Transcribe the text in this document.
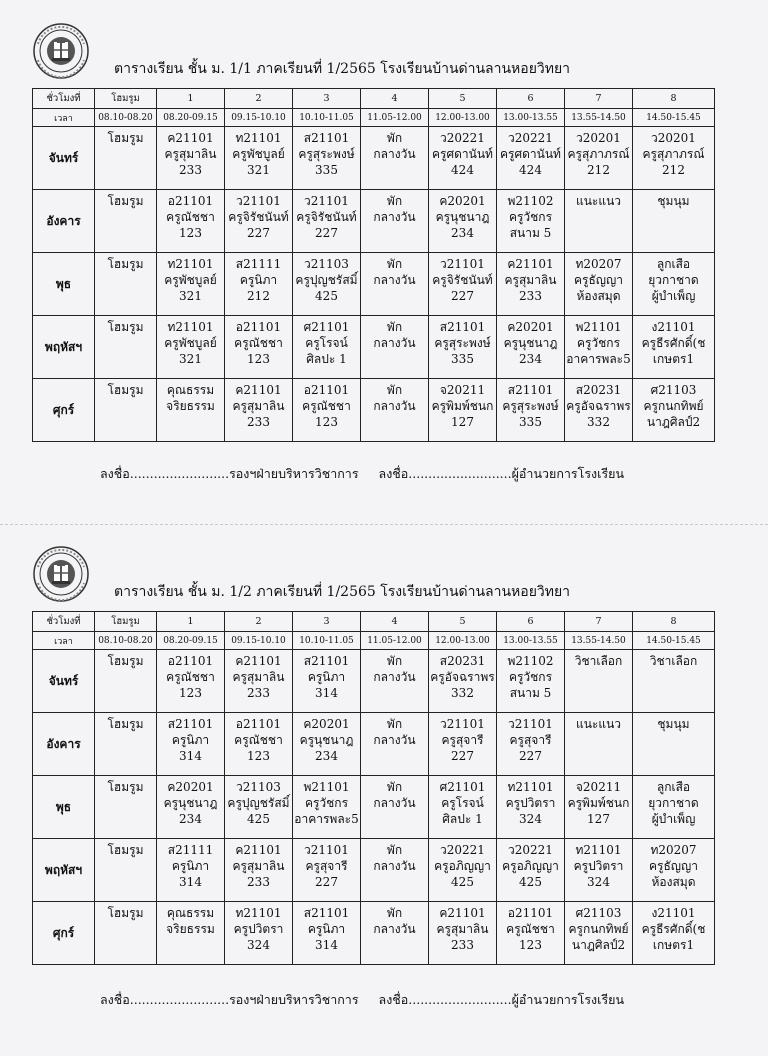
ตารางเรียน ชั้น ม. 1/1 ภาคเรียนที่ 1/2565 โรงเรียนบ้านด่านลานหอยวิทยา
ชั่วโมงที่	โฮมรูม	1	2	3	4	5	6	7	8
เวลา	08.10-08.20	08.20-09.15	09.15-10.10	10.10-11.05	11.05-12.00	12.00-13.00	13.00-13.55	13.55-14.50	14.50-15.45
จันทร์	โฮมรูม	ค21101
ครูสุมาลิน
233	ท21101
ครูพัชบูลย์
321	ส21101
ครูสุระพงษ์
335	พัก
กลางวัน	ว20221
ครูศดานันท์
424	ว20221
ครูศดานันท์
424	ว20201
ครูสุภาภรณ์
212	ว20201
ครูสุภาภรณ์
212

อังคาร	โฮมรูม	อ21101
ครูณัชชา
123	ว21101
ครูจิรัชนันท์
227	ว21101
ครูจิรัชนันท์
227	พัก
กลางวัน	ค20201
ครูนุชนาฎ
234	พ21102
ครูวัชกร
สนาม 5	แนะแนว	ชุมนุม

พุธ	โฮมรูม	ท21101
ครูพัชบูลย์
321	ส21111
ครูนิภา
212	ว21103
ครูปุญชรัสมิ์
425	พัก
กลางวัน	ว21101
ครูจิรัชนันท์
227	ค21101
ครูสุมาลิน
233	ท20207
ครูธัญญา
ห้องสมุด	ลูกเสือ
ยุวกาชาด
ผู้บำเพ็ญ

พฤหัสฯ	โฮมรูม	ท21101
ครูพัชบูลย์
321	อ21101
ครูณัชชา
123	ศ21101
ครูโรจน์
ศิลปะ 1	พัก
กลางวัน	ส21101
ครูสุระพงษ์
335	ค20201
ครูนุชนาฎ
234	พ21101
ครูวัชกร
อาคารพละ5	ง21101
ครูธีรศักดิ์(ช
เกษตร1

ศุกร์	โฮมรูม	คุณธรรม
จริยธรรม	ค21101
ครูสุมาลิน
233	อ21101
ครูณัชชา
123	พัก
กลางวัน	จ20211
ครูพิมพ์ชนก
127	ส21101
ครูสุระพงษ์
335	ส20231
ครูอัจฉราพร
332	ศ21103
ครูกนกทิพย์
นาฎศิลป์2
ลงชื่อ.........................รองฯฝ่ายบริหารวิชาการ ลงชื่อ..........................ผู้อำนวยการโรงเรียน
ตารางเรียน ชั้น ม. 1/2 ภาคเรียนที่ 1/2565 โรงเรียนบ้านด่านลานหอยวิทยา
ชั่วโมงที่	โฮมรูม	1	2	3	4	5	6	7	8
เวลา	08.10-08.20	08.20-09.15	09.15-10.10	10.10-11.05	11.05-12.00	12.00-13.00	13.00-13.55	13.55-14.50	14.50-15.45
จันทร์	โฮมรูม	อ21101
ครูณัชชา
123	ค21101
ครูสุมาลิน
233	ส21101
ครูนิภา
314	พัก
กลางวัน	ส20231
ครูอัจฉราพร
332	พ21102
ครูวัชกร
สนาม 5	วิชาเลือก	วิชาเลือก

อังคาร	โฮมรูม	ส21101
ครูนิภา
314	อ21101
ครูณัชชา
123	ค20201
ครูนุชนาฎ
234	พัก
กลางวัน	ว21101
ครูสุจารี
227	ว21101
ครูสุจารี
227	แนะแนว	ชุมนุม

พุธ	โฮมรูม	ค20201
ครูนุชนาฎ
234	ว21103
ครูปุญชรัสมิ์
425	พ21101
ครูวัชกร
อาคารพละ5	พัก
กลางวัน	ศ21101
ครูโรจน์
ศิลปะ 1	ท21101
ครูปวิตรา
324	จ20211
ครูพิมพ์ชนก
127	ลูกเสือ
ยุวกาชาด
ผู้บำเพ็ญ

พฤหัสฯ	โฮมรูม	ส21111
ครูนิภา
314	ค21101
ครูสุมาลิน
233	ว21101
ครูสุจารี
227	พัก
กลางวัน	ว20221
ครูอภิญญา
425	ว20221
ครูอภิญญา
425	ท21101
ครูปวิตรา
324	ท20207
ครูธัญญา
ห้องสมุด

ศุกร์	โฮมรูม	คุณธรรม
จริยธรรม	ท21101
ครูปวิตรา
324	ส21101
ครูนิภา
314	พัก
กลางวัน	ค21101
ครูสุมาลิน
233	อ21101
ครูณัชชา
123	ศ21103
ครูกนกทิพย์
นาฎศิลป์2	ง21101
ครูธีรศักดิ์(ช
เกษตร1
ลงชื่อ.........................รองฯฝ่ายบริหารวิชาการ ลงชื่อ..........................ผู้อำนวยการโรงเรียน
